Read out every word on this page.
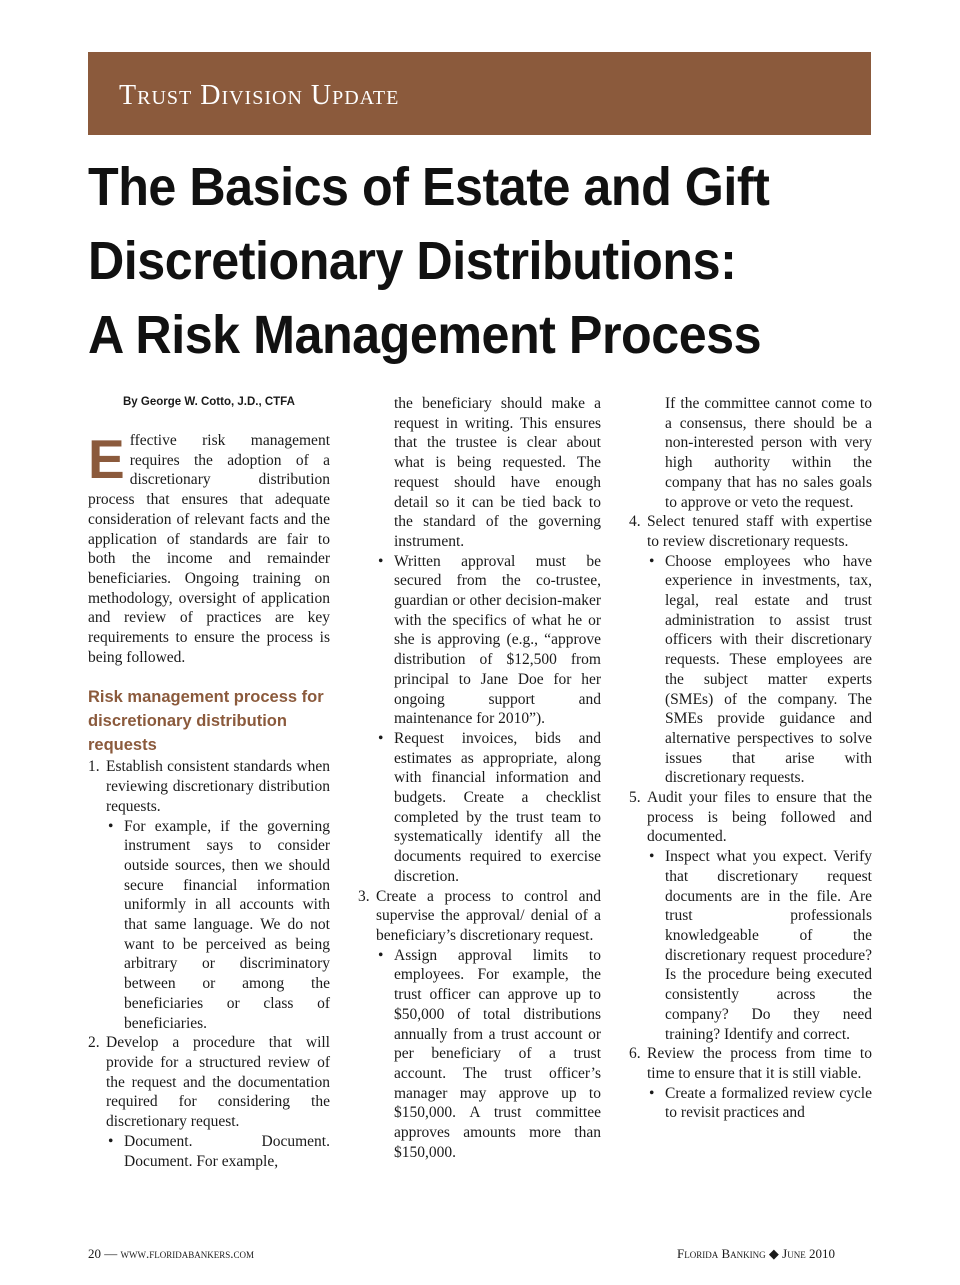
Trust Division Update
The Basics of Estate and Gift
Discretionary Distributions:
A Risk Management Process
By George W. Cotto, J.D., CTFA

Effective risk management requires the adoption of a discretionary distribution process that ensures that adequate consideration of relevant facts and the application of standards are fair to both the income and remainder beneficiaries. Ongoing training on methodology, oversight of application and review of practices are key requirements to ensure the process is being followed.

Risk management process for discretionary distribution requests
1. Establish consistent standards when reviewing discretionary distribution requests.
• For example, if the governing instrument says to consider outside sources, then we should secure financial information uniformly in all accounts with that same language. We do not want to be perceived as being arbitrary or discriminatory between or among the beneficiaries or class of beneficiaries.
2. Develop a procedure that will provide for a structured review of the request and the documentation required for considering the discretionary request.
• Document. Document. Document. For example,

the beneficiary should make a request in writing. This ensures that the trustee is clear about what is being requested. The request should have enough detail so it can be tied back to the standard of the governing instrument.

• Written approval must be secured from the co-trustee, guardian or other decision-maker with the specifics of what he or she is approving (e.g., “approve distribution of $12,500 from principal to Jane Doe for her ongoing support and maintenance for 2010”).
• Request invoices, bids and estimates as appropriate, along with financial information and budgets. Create a checklist completed by the trust team to systematically identify all the documents required to exercise discretion.
3. Create a process to control and supervise the approval/ denial of a beneficiary’s discretionary request.
• Assign approval limits to employees. For example, the trust officer can approve up to $50,000 of total distributions annually from a trust account or per beneficiary of a trust account. The trust officer’s manager may approve up to $150,000. A trust committee approves amounts more than $150,000.

If the committee cannot come to a consensus, there should be a non-interested person with very high authority within the company that has no sales goals to approve or veto the request.

4. Select tenured staff with expertise to review discretionary requests.
• Choose employees who have experience in investments, tax, legal, real estate and trust administration to assist trust officers with their discretionary requests. These employees are the subject matter experts (SMEs) of the company. The SMEs provide guidance and alternative perspectives to solve issues that arise with discretionary requests.
5. Audit your files to ensure that the process is being followed and documented.
• Inspect what you expect. Verify that discretionary request documents are in the file. Are trust professionals knowledgeable of the discretionary request procedure? Is the procedure being executed consistently across the company? Do they need training? Identify and correct.
6. Review the process from time to time to ensure that it is still viable.
• Create a formalized review cycle to revisit practices and
20 — www.floridabankers.com	Florida Banking ◆ June 2010
